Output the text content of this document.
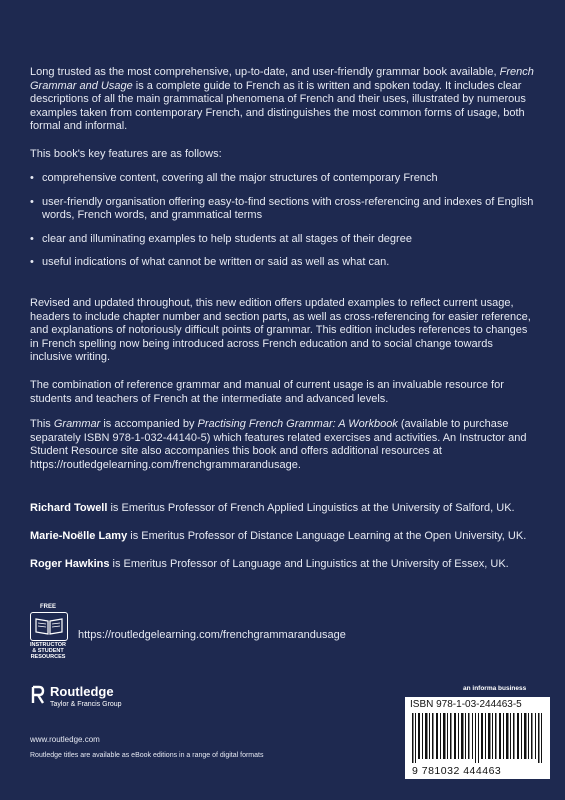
Long trusted as the most comprehensive, up-to-date, and user-friendly grammar book available, French Grammar and Usage is a complete guide to French as it is written and spoken today. It includes clear descriptions of all the main grammatical phenomena of French and their uses, illustrated by numerous examples taken from contemporary French, and distinguishes the most common forms of usage, both formal and informal.

This book's key features are as follows:
• comprehensive content, covering all the major structures of contemporary French
• user-friendly organisation offering easy-to-find sections with cross-referencing and indexes of English words, French words, and grammatical terms
• clear and illuminating examples to help students at all stages of their degree
• useful indications of what cannot be written or said as well as what can.
Revised and updated throughout, this new edition offers updated examples to reflect current usage, headers to include chapter number and section parts, as well as cross-referencing for easier reference, and explanations of notoriously difficult points of grammar. This edition includes references to changes in French spelling now being introduced across French education and to social change towards inclusive writing.
The combination of reference grammar and manual of current usage is an invaluable resource for students and teachers of French at the intermediate and advanced levels.

This Grammar is accompanied by Practising French Grammar: A Workbook (available to purchase separately ISBN 978-1-032-44140-5) which features related exercises and activities. An Instructor and Student Resource site also accompanies this book and offers additional resources at https://routledgelearning.com/frenchgrammarandusage.

Richard Towell is Emeritus Professor of French Applied Linguistics at the University of Salford, UK.
Marie-Noëlle Lamy is Emeritus Professor of Distance Language Learning at the Open University, UK.
Roger Hawkins is Emeritus Professor of Language and Linguistics at the University of Essex, UK.
FREE
INSTRUCTOR
& STUDENT
RESOURCES
https://routledgelearning.com/frenchgrammarandusage
Routledge
Taylor & Francis Group
www.routledge.com
Routledge titles are available as eBook editions in a range of digital formats
an informa business
ISBN 978-1-03-244463-5
9 781032 444463
